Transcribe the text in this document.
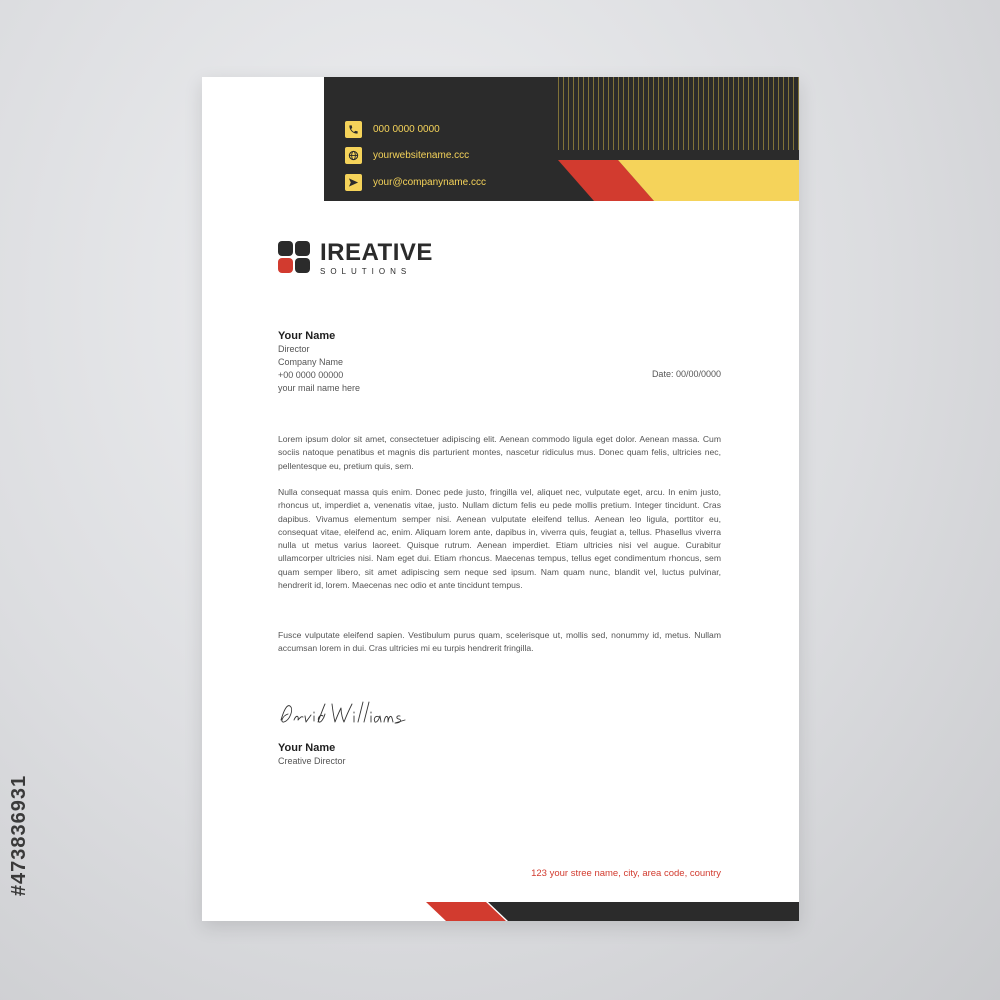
#473836931
000 0000 0000
yourwebsitename.ccc
your@companyname.ccc
IREATIVE
SOLUTIONS
Your Name
Director
Company Name
+00 0000 00000
your mail name here
Date: 00/00/0000

Lorem ipsum dolor sit amet, consectetuer adipiscing elit. Aenean commodo ligula eget dolor. Aenean massa. Cum sociis natoque penatibus et magnis dis parturient montes, nascetur ridiculus mus. Donec quam felis, ultricies nec, pellentesque eu, pretium quis, sem.

Nulla consequat massa quis enim. Donec pede justo, fringilla vel, aliquet nec, vulputate eget, arcu. In enim justo, rhoncus ut, imperdiet a, venenatis vitae, justo. Nullam dictum felis eu pede mollis pretium. Integer tincidunt. Cras dapibus. Vivamus elementum semper nisi. Aenean vulputate eleifend tellus. Aenean leo ligula, porttitor eu, consequat vitae, eleifend ac, enim. Aliquam lorem ante, dapibus in, viverra quis, feugiat a, tellus. Phasellus viverra nulla ut metus varius laoreet. Quisque rutrum. Aenean imperdiet. Etiam ultricies nisi vel augue. Curabitur ullamcorper ultricies nisi. Nam eget dui. Etiam rhoncus. Maecenas tempus, tellus eget condimentum rhoncus, sem quam semper libero, sit amet adipiscing sem neque sed ipsum. Nam quam nunc, blandit vel, luctus pulvinar, hendrerit id, lorem. Maecenas nec odio et ante tincidunt tempus.

Fusce vulputate eleifend sapien. Vestibulum purus quam, scelerisque ut, mollis sed, nonummy id, metus. Nullam accumsan lorem in dui. Cras ultricies mi eu turpis hendrerit fringilla.

Your Name
Creative Director
123 your stree name, city, area code, country
